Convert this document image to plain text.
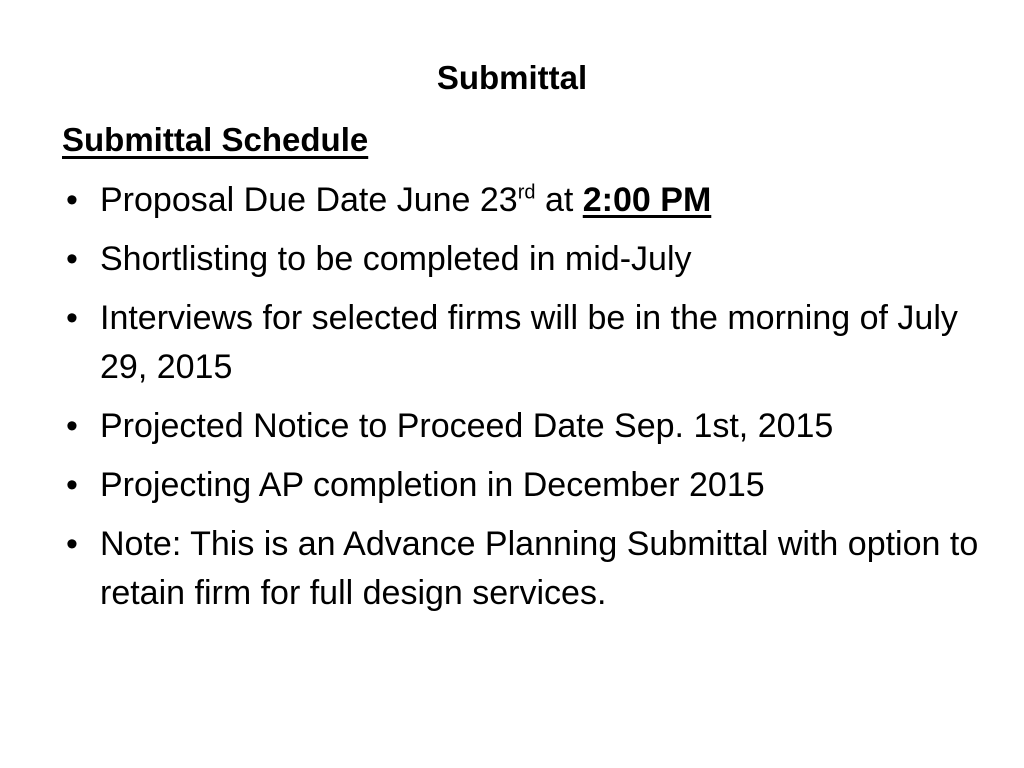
Submittal
Submittal Schedule
• Proposal Due Date June 23rd at 2:00 PM
• Shortlisting to be completed in mid-July
• Interviews for selected firms will be in the morning of July 29, 2015
• Projected Notice to Proceed Date Sep. 1st, 2015
• Projecting AP completion in December 2015
• Note: This is an Advance Planning Submittal with option to retain firm for full design services.
